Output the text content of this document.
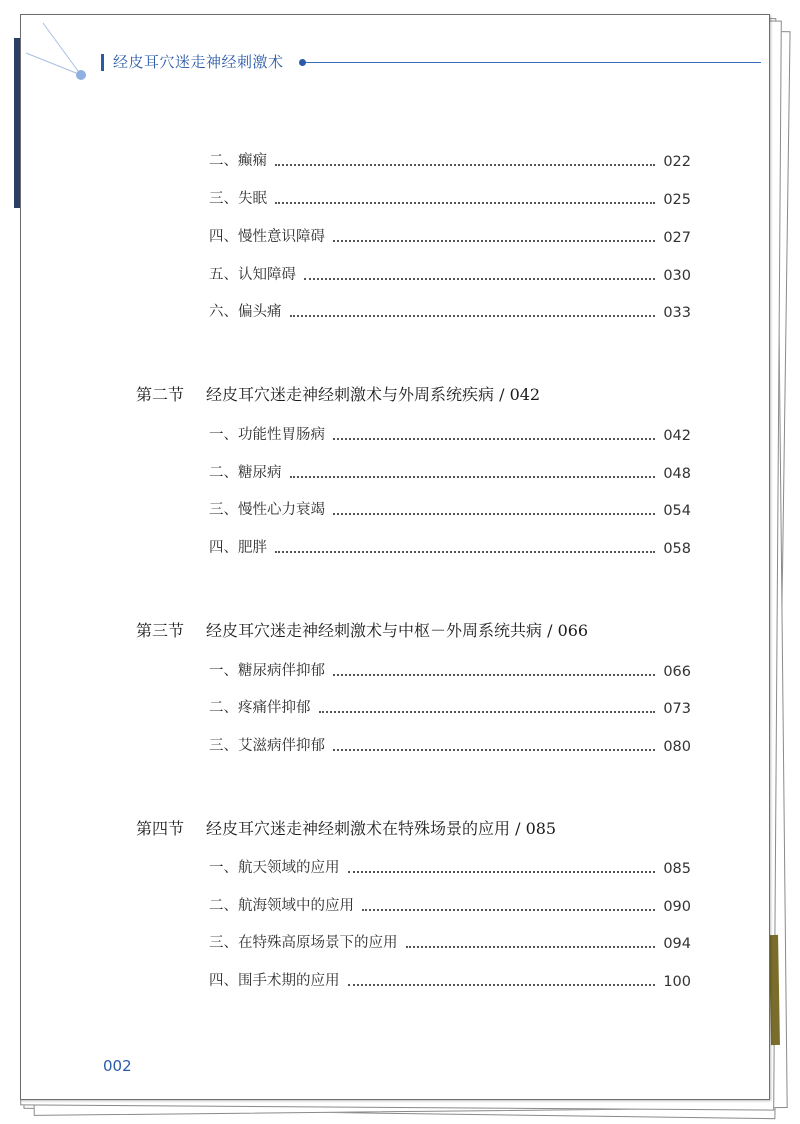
经皮耳穴迷走神经刺激术
二、癫痫	022
三、失眠	025
四、慢性意识障碍	027
五、认知障碍	030
六、偏头痛	033
第二节 经皮耳穴迷走神经刺激术与外周系统疾病 / 042
一、功能性胃肠病	042
二、糖尿病	048
三、慢性心力衰竭	054
四、肥胖	058
第三节 经皮耳穴迷走神经刺激术与中枢－外周系统共病 / 066
一、糖尿病伴抑郁	066
二、疼痛伴抑郁	073
三、艾滋病伴抑郁	080
第四节 经皮耳穴迷走神经刺激术在特殊场景的应用 / 085
一、航天领域的应用	085
二、航海领域中的应用	090
三、在特殊高原场景下的应用	094
四、围手术期的应用	100
002
